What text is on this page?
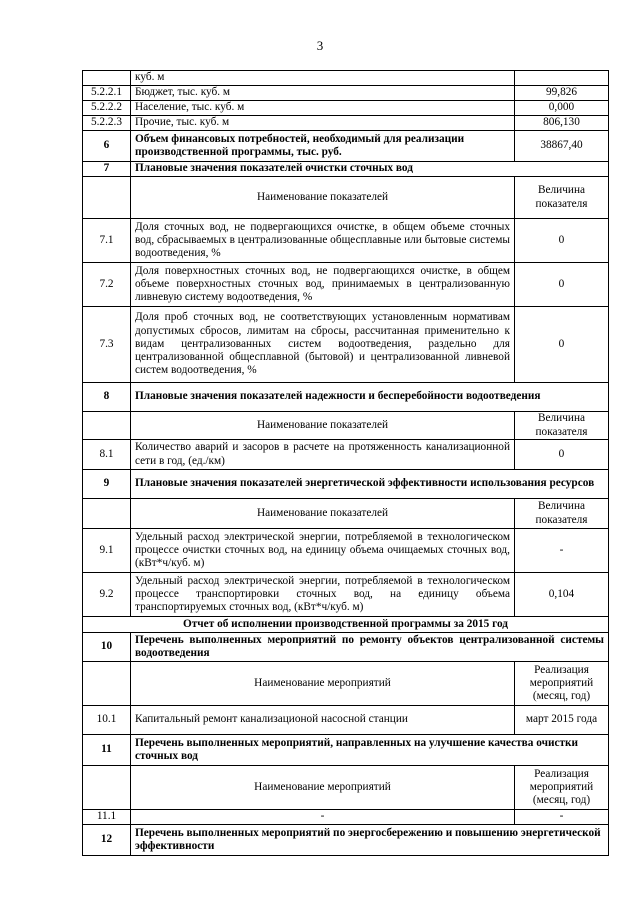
3
	куб. м	
5.2.2.1	Бюджет, тыс. куб. м	99,826
5.2.2.2	Население, тыс. куб. м	0,000
5.2.2.3	Прочие, тыс. куб. м	806,130
6	Объем финансовых потребностей, необходимый для реализации производственной программы, тыс. руб.	38867,40
7	Плановые значения показателей очистки сточных вод	
	Наименование показателей	Величина показателя
7.1	Доля сточных вод, не подвергающихся очистке, в общем объеме сточных вод, сбрасываемых в централизованные общесплавные или бытовые системы водоотведения, %	0
7.2	Доля поверхностных сточных вод, не подвергающихся очистке, в общем объеме поверхностных сточных вод, принимаемых в централизованную ливневую систему водоотведения, %	0
7.3	Доля проб сточных вод, не соответствующих установленным нормативам допустимых сбросов, лимитам на сбросы, рассчитанная применительно к видам централизованных систем водоотведения, раздельно для централизованной общесплавной (бытовой) и централизованной ливневой систем водоотведения, %	0
8	Плановые значения показателей надежности и бесперебойности водоотведения	
	Наименование показателей	Величина показателя
8.1	Количество аварий и засоров в расчете на протяженность канализационной сети в год, (ед./км)	0
9	Плановые значения показателей энергетической эффективности использования ресурсов	
	Наименование показателей	Величина показателя
9.1	Удельный расход электрической энергии, потребляемой в технологическом процессе очистки сточных вод, на единицу объема очищаемых сточных вод, (кВт*ч/куб. м)	-
9.2	Удельный расход электрической энергии, потребляемой в технологическом процессе транспортировки сточных вод, на единицу объема транспортируемых сточных вод, (кВт*ч/куб. м)	0,104
Отчет об исполнении производственной программы за 2015 год		
10	Перечень выполненных мероприятий по ремонту объектов централизованной системы водоотведения	
	Наименование мероприятий	Реализация мероприятий (месяц, год)
10.1	Капитальный ремонт канализационой насосной станции	март 2015 года
11	Перечень выполненных мероприятий, направленных на улучшение качества очистки сточных вод	
	Наименование мероприятий	Реализация мероприятий (месяц, год)
11.1	-	-
12	Перечень выполненных мероприятий по энергосбережению и повышению энергетической эффективности	
